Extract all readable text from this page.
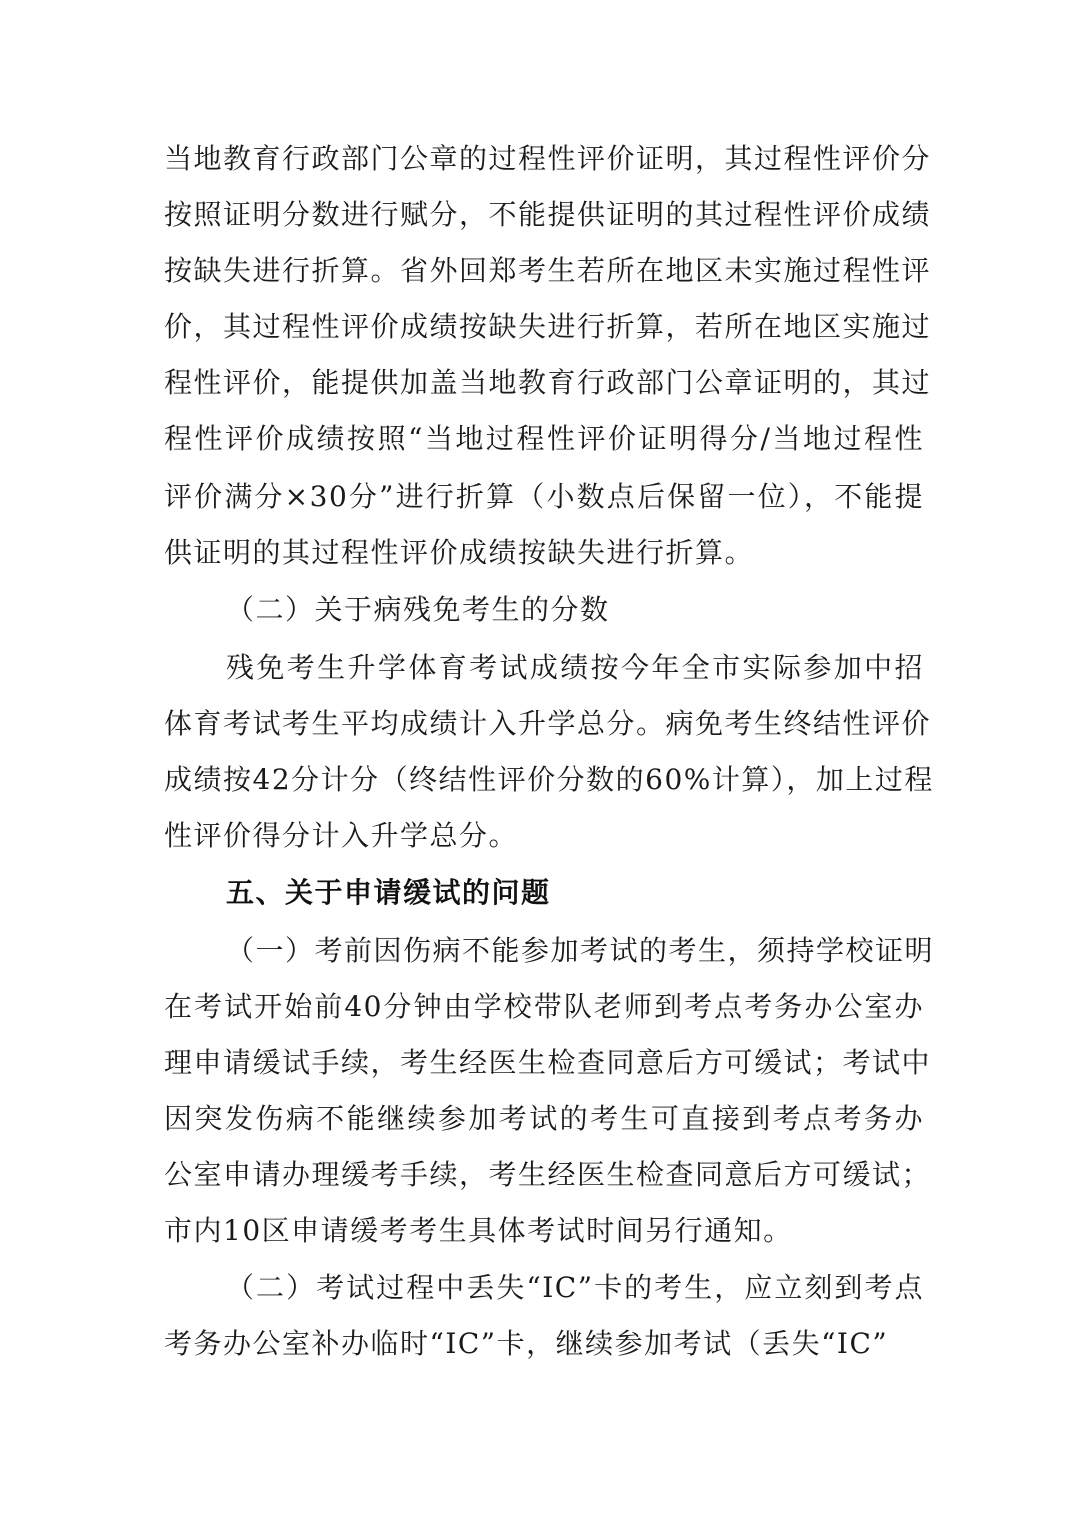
当地教育行政部门公章的过程性评价证明，其过程性评价分
按照证明分数进行赋分，不能提供证明的其过程性评价成绩
按缺失进行折算。省外回郑考生若所在地区未实施过程性评
价，其过程性评价成绩按缺失进行折算，若所在地区实施过
程性评价，能提供加盖当地教育行政部门公章证明的，其过
程性评价成绩按照“当地过程性评价证明得分/当地过程性
评价满分×30分”进行折算（小数点后保留一位），不能提
供证明的其过程性评价成绩按缺失进行折算。
（二）关于病残免考生的分数
残免考生升学体育考试成绩按今年全市实际参加中招
体育考试考生平均成绩计入升学总分。病免考生终结性评价
成绩按42分计分（终结性评价分数的60%计算），加上过程
性评价得分计入升学总分。
五、关于申请缓试的问题
（一）考前因伤病不能参加考试的考生，须持学校证明
在考试开始前40分钟由学校带队老师到考点考务办公室办
理申请缓试手续，考生经医生检查同意后方可缓试；考试中
因突发伤病不能继续参加考试的考生可直接到考点考务办
公室申请办理缓考手续，考生经医生检查同意后方可缓试；
市内10区申请缓考考生具体考试时间另行通知。
（二）考试过程中丢失“IC”卡的考生，应立刻到考点
考务办公室补办临时“IC”卡，继续参加考试（丢失“IC”
